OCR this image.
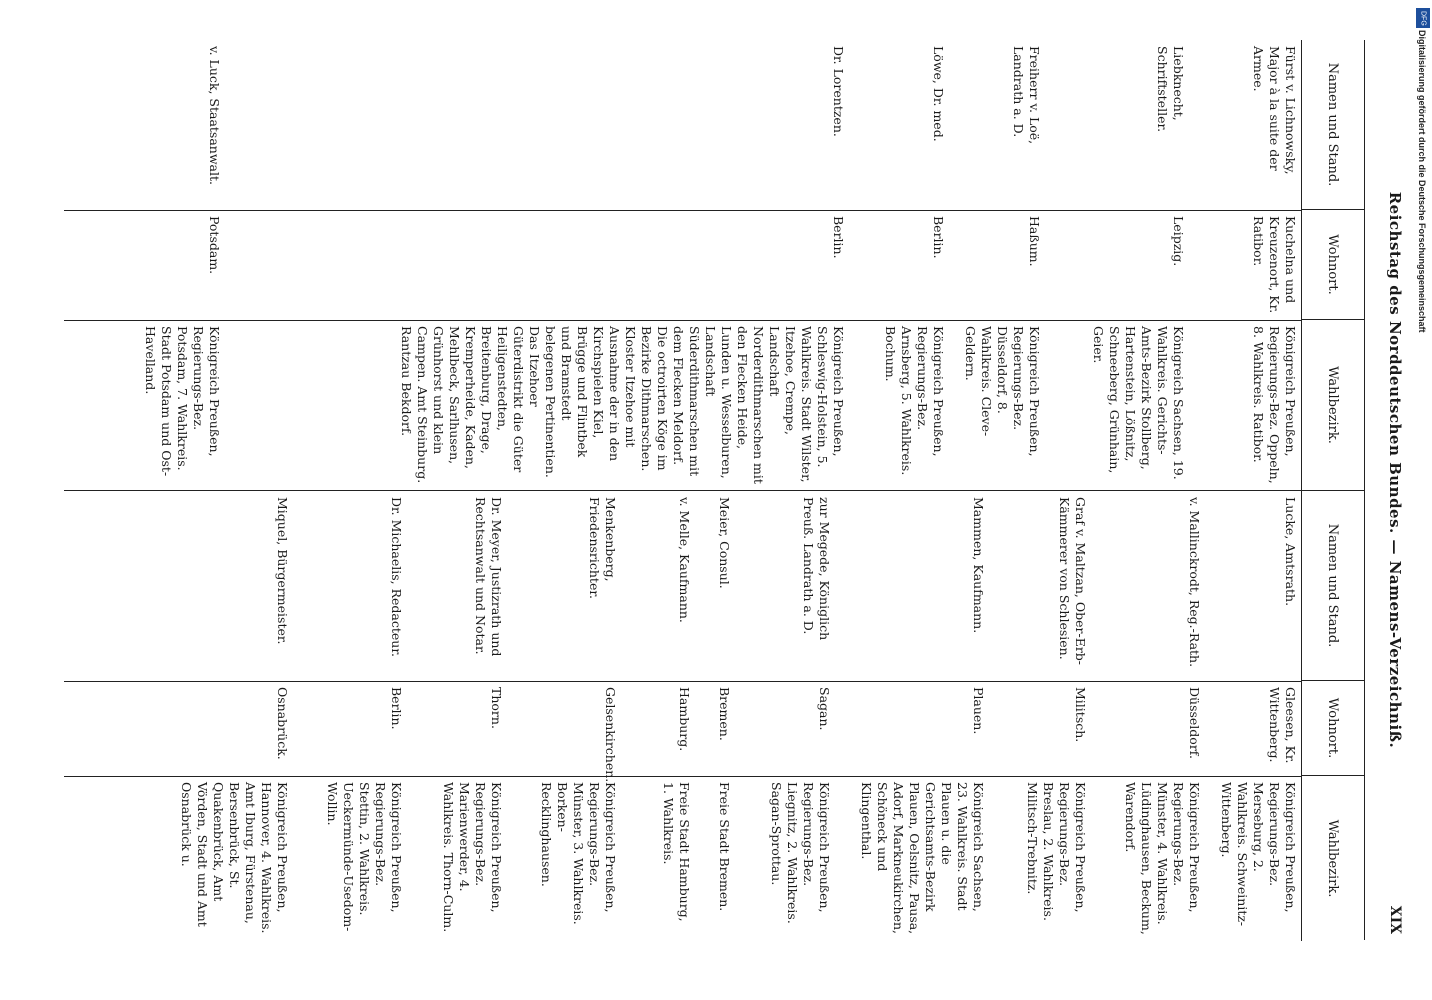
Reichstag des Norddeutschen Bundes. — Namens-Verzeichniß.
XIX
Namen und Stand.
Wohnort.
Wahlbezirk.
Fürst v. Lichnowsky, Major à la suite der Armee.
Kuchelna und Kreuzenort, Kr. Ratibor.
Königreich Preußen, Regierungs-Bez. Oppeln, 8. Wahlkreis. Ratibor.
Liebknecht, Schriftsteller.
Leipzig.
Königreich Sachsen, 19. Wahlkreis. Gerichts-Amts-Bezirk Stollberg, Hartenstein, Lößnitz, Schneeberg, Grünhain, Geier.
Freiherr v. Loë, Landrath a. D.
Haßum.
Königreich Preußen, Regierungs-Bez. Düsseldorf, 8. Wahlkreis. Cleve-Geldern.
Löwe, Dr. med.
Berlin.
Königreich Preußen, Regierungs-Bez. Arnsberg, 5. Wahlkreis. Bochum.
Dr. Lorentzen.
Berlin.
Königreich Preußen, Schleswig-Holstein, 5. Wahlkreis. Stadt Wilster, Itzehoe, Crempe, Landschaft Norderdithmarschen mit den Flecken Heide, Lunden u. Wesselburen, Landschaft Süderdithmarschen mit dem Flecken Meldorf. Die octroirten Köge im Bezirke Dithmarschen. Kloster Itzehoe mit Ausnahme der in den Kirchspielen Kiel, Brügge und Flintbek und Bramstedt belegenen Pertinentien. Das Itzehoer Güterdistrikt die Güter Heiligenstedten, Breitenburg, Drage, Kremperheide, Kaden, Mehlbeck, Sarlhusen, Grünhorst und klein Campen. Amt Steinburg. Rantzau Bekdorf.
v. Luck, Staatsanwalt.
Potsdam.
Königreich Preußen, Regierungs-Bez. Potsdam, 7. Wahlkreis. Stadt Potsdam und Ost-Havelland.
Namen und Stand.
Wohnort.
Wahlbezirk.
Lucke, Amtsrath.
Gleesen, Kr. Wittenberg.
Königreich Preußen, Regierungs-Bez. Merseburg, 2. Wahlkreis. Schweinitz-Wittenberg.
v. Mallinckrodt, Reg.-Rath.
Düsseldorf.
Königreich Preußen, Regierungs-Bez. Münster, 4. Wahlkreis. Lüdinghausen, Beckum, Warendorf.
Graf v. Maltzan, Ober-Erb-Kämmerer von Schlesien.
Militsch.
Königreich Preußen, Regierungs-Bez. Breslau, 2. Wahlkreis. Militsch-Trebnitz.
Mammen, Kaufmann.
Plauen.
Königreich Sachsen, 23. Wahlkreis. Stadt Plauen u. die Gerichtsamts-Bezirk Plauen, Oelsnitz, Pausa, Adorf, Markneukirchen, Schöneck und Klingenthal.
zur Megede, Königlich Preuß. Landrath a. D.
Sagan.
Königreich Preußen, Regierungs-Bez. Liegnitz, 2. Wahlkreis. Sagan-Sprottau.
Meier, Consul.
Bremen.
Freie Stadt Bremen.
v. Melle, Kaufmann.
Hamburg.
Freie Stadt Hamburg, 1. Wahlkreis.
Menkenberg, Friedensrichter.
Gelsenkirchen.
Königreich Preußen, Regierungs-Bez. Münster, 3. Wahlkreis. Borken-Recklinghausen.
Dr. Meyer, Justizrath und Rechtsanwalt und Notar.
Thorn.
Königreich Preußen, Regierungs-Bez. Marienwerder, 4. Wahlkreis. Thorn-Culm.
Dr. Michaelis, Redacteur.
Berlin.
Königreich Preußen, Regierungs-Bez. Stettin, 2. Wahlkreis. Ueckermünde-Usedom-Wollin.
Miquel, Bürgermeister.
Osnabrück.
Königreich Preußen, Hannover, 4. Wahlkreis. Amt Iburg, Fürstenau, Bersenbrück, St. Quakenbrück, Amt Vörden, Stadt und Amt Osnabrück u.
DFG
Digitalisierung gefördert durch die Deutsche Forschungsgemeinschaft
